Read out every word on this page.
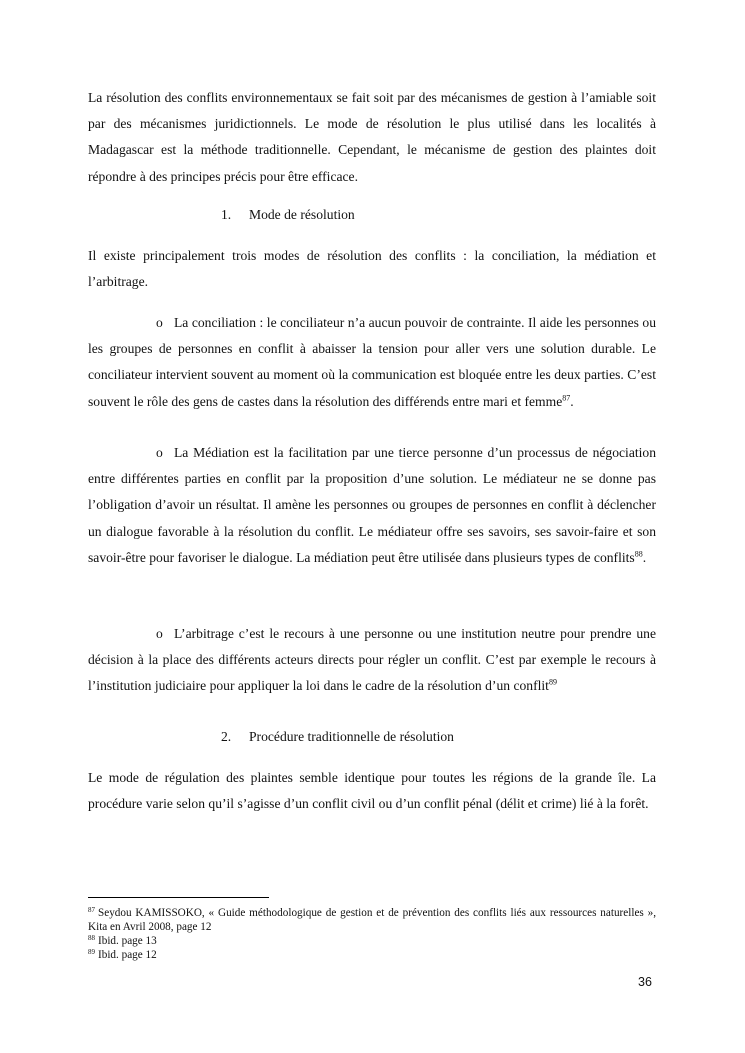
La résolution des conflits environnementaux se fait soit par des mécanismes de gestion à l’amiable soit par des mécanismes juridictionnels. Le mode de résolution le plus utilisé dans les localités à Madagascar est la méthode traditionnelle. Cependant, le mécanisme de gestion des plaintes doit répondre à des principes précis pour être efficace.

1. Mode de résolution

Il existe principalement trois modes de résolution des conflits : la conciliation, la médiation et l’arbitrage.

o La conciliation : le conciliateur n’a aucun pouvoir de contrainte. Il aide les personnes ou les groupes de personnes en conflit à abaisser la tension pour aller vers une solution durable. Le conciliateur intervient souvent au moment où la communication est bloquée entre les deux parties. C’est souvent le rôle des gens de castes dans la résolution des différends entre mari et femme$^{87}$.

o La Médiation est la facilitation par une tierce personne d’un processus de négociation entre différentes parties en conflit par la proposition d’une solution. Le médiateur ne se donne pas l’obligation d’avoir un résultat. Il amène les personnes ou groupes de personnes en conflit à déclencher un dialogue favorable à la résolution du conflit. Le médiateur offre ses savoirs, ses savoir-faire et son savoir-être pour favoriser le dialogue. La médiation peut être utilisée dans plusieurs types de conflits$^{88}$.

o L’arbitrage c’est le recours à une personne ou une institution neutre pour prendre une décision à la place des différents acteurs directs pour régler un conflit. C’est par exemple le recours à l’institution judiciaire pour appliquer la loi dans le cadre de la résolution d’un conflit$^{89}$

2. Procédure traditionnelle de résolution

Le mode de régulation des plaintes semble identique pour toutes les régions de la grande île. La procédure varie selon qu’il s’agisse d’un conflit civil ou d’un conflit pénal (délit et crime) lié à la forêt.

$^{87}$ Seydou KAMISSOKO, « Guide méthodologique de gestion et de prévention des conflits liés aux ressources naturelles », Kita en Avril 2008, page 12

$^{88}$ Ibid. page 13

$^{89}$ Ibid. page 12

36
